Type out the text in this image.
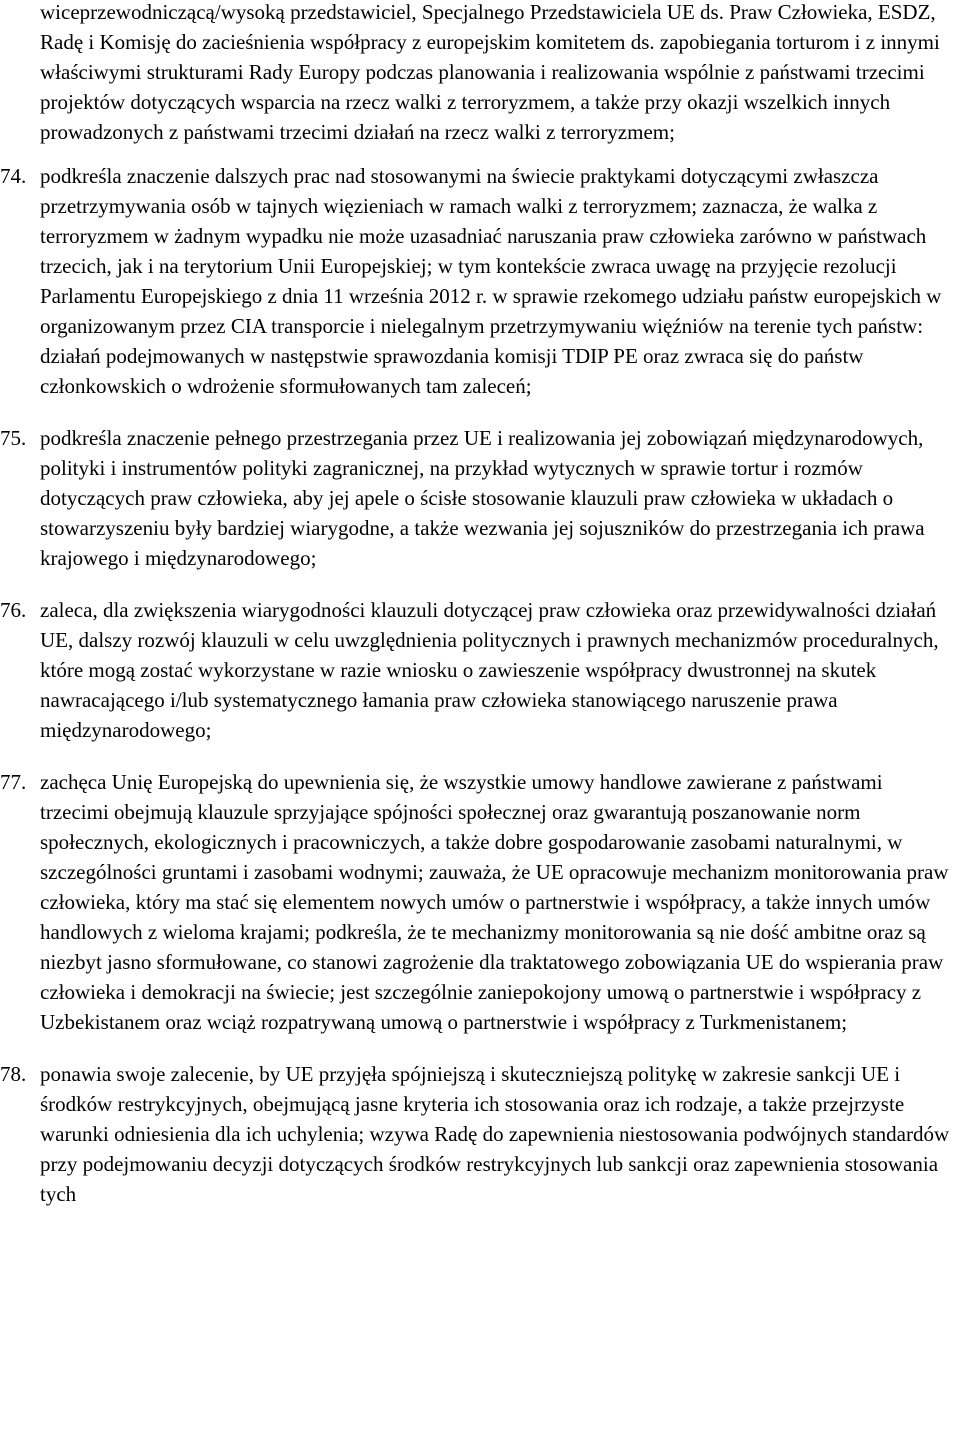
wiceprzewodniczącą/wysoką przedstawiciel, Specjalnego Przedstawiciela UE ds. Praw Człowieka, ESDZ, Radę i Komisję do zacieśnienia współpracy z europejskim komitetem ds. zapobiegania torturom i z innymi właściwymi strukturami Rady Europy podczas planowania i realizowania wspólnie z państwami trzecimi projektów dotyczących wsparcia na rzecz walki z terroryzmem, a także przy okazji wszelkich innych prowadzonych z państwami trzecimi działań na rzecz walki z terroryzmem;

74. podkreśla znaczenie dalszych prac nad stosowanymi na świecie praktykami dotyczącymi zwłaszcza przetrzymywania osób w tajnych więzieniach w ramach walki z terroryzmem; zaznacza, że walka z terroryzmem w żadnym wypadku nie może uzasadniać naruszania praw człowieka zarówno w państwach trzecich, jak i na terytorium Unii Europejskiej; w tym kontekście zwraca uwagę na przyjęcie rezolucji Parlamentu Europejskiego z dnia 11 września 2012 r. w sprawie rzekomego udziału państw europejskich w organizowanym przez CIA transporcie i nielegalnym przetrzymywaniu więźniów na terenie tych państw: działań podejmowanych w następstwie sprawozdania komisji TDIP PE oraz zwraca się do państw członkowskich o wdrożenie sformułowanych tam zaleceń;
75. podkreśla znaczenie pełnego przestrzegania przez UE i realizowania jej zobowiązań międzynarodowych, polityki i instrumentów polityki zagranicznej, na przykład wytycznych w sprawie tortur i rozmów dotyczących praw człowieka, aby jej apele o ścisłe stosowanie klauzuli praw człowieka w układach o stowarzyszeniu były bardziej wiarygodne, a także wezwania jej sojuszników do przestrzegania ich prawa krajowego i międzynarodowego;
76. zaleca, dla zwiększenia wiarygodności klauzuli dotyczącej praw człowieka oraz przewidywalności działań UE, dalszy rozwój klauzuli w celu uwzględnienia politycznych i prawnych mechanizmów proceduralnych, które mogą zostać wykorzystane w razie wniosku o zawieszenie współpracy dwustronnej na skutek nawracającego i/lub systematycznego łamania praw człowieka stanowiącego naruszenie prawa międzynarodowego;
77. zachęca Unię Europejską do upewnienia się, że wszystkie umowy handlowe zawierane z państwami trzecimi obejmują klauzule sprzyjające spójności społecznej oraz gwarantują poszanowanie norm społecznych, ekologicznych i pracowniczych, a także dobre gospodarowanie zasobami naturalnymi, w szczególności gruntami i zasobami wodnymi; zauważa, że UE opracowuje mechanizm monitorowania praw człowieka, który ma stać się elementem nowych umów o partnerstwie i współpracy, a także innych umów handlowych z wieloma krajami; podkreśla, że te mechanizmy monitorowania są nie dość ambitne oraz są niezbyt jasno sformułowane, co stanowi zagrożenie dla traktatowego zobowiązania UE do wspierania praw człowieka i demokracji na świecie; jest szczególnie zaniepokojony umową o partnerstwie i współpracy z Uzbekistanem oraz wciąż rozpatrywaną umową o partnerstwie i współpracy z Turkmenistanem;
78. ponawia swoje zalecenie, by UE przyjęła spójniejszą i skuteczniejszą politykę w zakresie sankcji UE i środków restrykcyjnych, obejmującą jasne kryteria ich stosowania oraz ich rodzaje, a także przejrzyste warunki odniesienia dla ich uchylenia; wzywa Radę do zapewnienia niestosowania podwójnych standardów przy podejmowaniu decyzji dotyczących środków restrykcyjnych lub sankcji oraz zapewnienia stosowania tych
